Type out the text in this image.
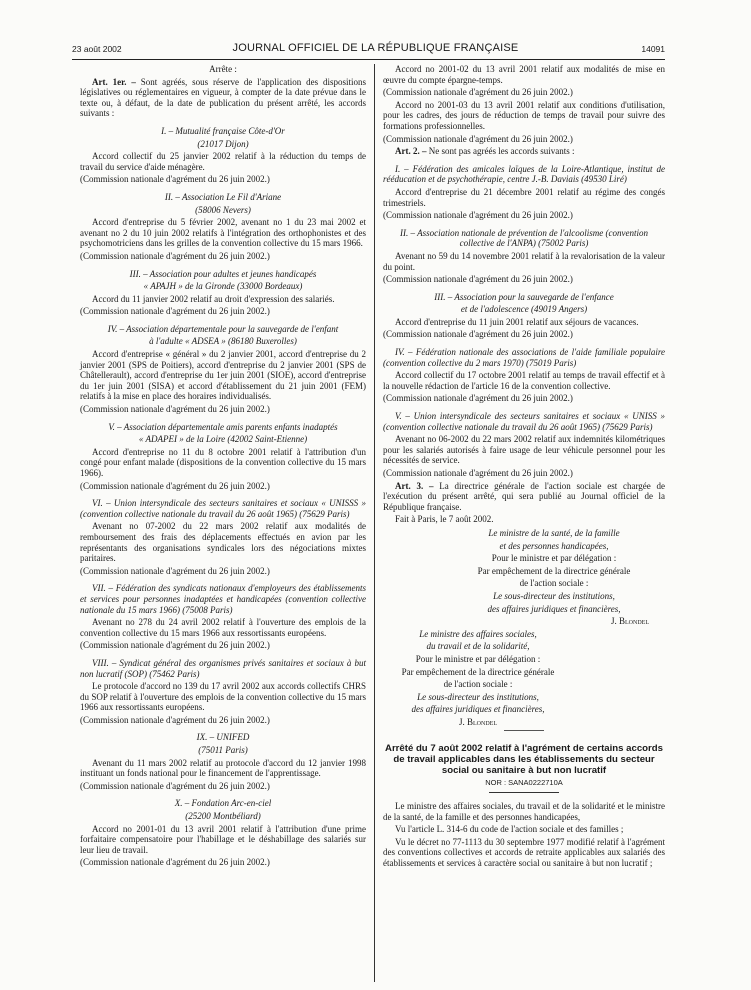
23 août 2002	JOURNAL OFFICIEL DE LA RÉPUBLIQUE FRANÇAISE	14091

Arrête :

Art. 1er. – Sont agréés, sous réserve de l'application des dispositions législatives ou réglementaires en vigueur, à compter de la date prévue dans le texte ou, à défaut, de la date de publication du présent arrêté, les accords suivants :

I. – Mutualité française Côte-d'Or

(21017 Dijon)

Accord collectif du 25 janvier 2002 relatif à la réduction du temps de travail du service d'aide ménagère.

(Commission nationale d'agrément du 26 juin 2002.)

II. – Association Le Fil d'Ariane

(58006 Nevers)

Accord d'entreprise du 5 février 2002, avenant no 1 du 23 mai 2002 et avenant no 2 du 10 juin 2002 relatifs à l'intégration des orthophonistes et des psychomotriciens dans les grilles de la convention collective du 15 mars 1966.

(Commission nationale d'agrément du 26 juin 2002.)

III. – Association pour adultes et jeunes handicapés

« APAJH » de la Gironde (33000 Bordeaux)

Accord du 11 janvier 2002 relatif au droit d'expression des salariés.

(Commission nationale d'agrément du 26 juin 2002.)

IV. – Association départementale pour la sauvegarde de l'enfant

à l'adulte « ADSEA » (86180 Buxerolles)

Accord d'entreprise « général » du 2 janvier 2001, accord d'entreprise du 2 janvier 2001 (SPS de Poitiers), accord d'entreprise du 2 janvier 2001 (SPS de Châtellerault), accord d'entreprise du 1er juin 2001 (SIOE), accord d'entreprise du 1er juin 2001 (SISA) et accord d'établissement du 21 juin 2001 (FEM) relatifs à la mise en place des horaires individualisés.

(Commission nationale d'agrément du 26 juin 2002.)

V. – Association départementale amis parents enfants inadaptés

« ADAPEI » de la Loire (42002 Saint-Etienne)

Accord d'entreprise no 11 du 8 octobre 2001 relatif à l'attribution d'un congé pour enfant malade (dispositions de la convention collective du 15 mars 1966).

(Commission nationale d'agrément du 26 juin 2002.)

VI. – Union intersyndicale des secteurs sanitaires et sociaux « UNISSS » (convention collective nationale du travail du 26 août 1965) (75629 Paris)

Avenant no 07-2002 du 22 mars 2002 relatif aux modalités de remboursement des frais des déplacements effectués en avion par les représentants des organisations syndicales lors des négociations mixtes paritaires.

(Commission nationale d'agrément du 26 juin 2002.)

VII. – Fédération des syndicats nationaux d'employeurs des établissements et services pour personnes inadaptées et handicapées (convention collective nationale du 15 mars 1966) (75008 Paris)

Avenant no 278 du 24 avril 2002 relatif à l'ouverture des emplois de la convention collective du 15 mars 1966 aux ressortissants européens.

(Commission nationale d'agrément du 26 juin 2002.)

VIII. – Syndicat général des organismes privés sanitaires et sociaux à but non lucratif (SOP) (75462 Paris)

Le protocole d'accord no 139 du 17 avril 2002 aux accords collectifs CHRS du SOP relatif à l'ouverture des emplois de la convention collective du 15 mars 1966 aux ressortissants européens.

(Commission nationale d'agrément du 26 juin 2002.)

IX. – UNIFED

(75011 Paris)

Avenant du 11 mars 2002 relatif au protocole d'accord du 12 janvier 1998 instituant un fonds national pour le financement de l'apprentissage.

(Commission nationale d'agrément du 26 juin 2002.)

X. – Fondation Arc-en-ciel

(25200 Montbéliard)

Accord no 2001-01 du 13 avril 2001 relatif à l'attribution d'une prime forfaitaire compensatoire pour l'habillage et le déshabillage des salariés sur leur lieu de travail.

(Commission nationale d'agrément du 26 juin 2002.)

Accord no 2001-02 du 13 avril 2001 relatif aux modalités de mise en œuvre du compte épargne-temps.

(Commission nationale d'agrément du 26 juin 2002.)

Accord no 2001-03 du 13 avril 2001 relatif aux conditions d'utilisation, pour les cadres, des jours de réduction de temps de travail pour suivre des formations professionnelles.

(Commission nationale d'agrément du 26 juin 2002.)

Art. 2. – Ne sont pas agréés les accords suivants :

I. – Fédération des amicales laïques de la Loire-Atlantique, institut de rééducation et de psychothérapie, centre J.-B. Daviais (49530 Liré)

Accord d'entreprise du 21 décembre 2001 relatif au régime des congés trimestriels.

(Commission nationale d'agrément du 26 juin 2002.)

II. – Association nationale de prévention de l'alcoolisme (convention collective de l'ANPA) (75002 Paris)

Avenant no 59 du 14 novembre 2001 relatif à la revalorisation de la valeur du point.

(Commission nationale d'agrément du 26 juin 2002.)

III. – Association pour la sauvegarde de l'enfance

et de l'adolescence (49019 Angers)

Accord d'entreprise du 11 juin 2001 relatif aux séjours de vacances.

(Commission nationale d'agrément du 26 juin 2002.)

IV. – Fédération nationale des associations de l'aide familiale populaire (convention collective du 2 mars 1970) (75019 Paris)

Accord collectif du 17 octobre 2001 relatif au temps de travail effectif et à la nouvelle rédaction de l'article 16 de la convention collective.

(Commission nationale d'agrément du 26 juin 2002.)

V. – Union intersyndicale des secteurs sanitaires et sociaux « UNISS » (convention collective nationale du travail du 26 août 1965) (75629 Paris)

Avenant no 06-2002 du 22 mars 2002 relatif aux indemnités kilométriques pour les salariés autorisés à faire usage de leur véhicule personnel pour les nécessités de service.

(Commission nationale d'agrément du 26 juin 2002.)

Art. 3. – La directrice générale de l'action sociale est chargée de l'exécution du présent arrêté, qui sera publié au Journal officiel de la République française.

Fait à Paris, le 7 août 2002.

Le ministre de la santé, de la famille

et des personnes handicapées,

Pour le ministre et par délégation :

Par empêchement de la directrice générale

de l'action sociale :

Le sous-directeur des institutions,

des affaires juridiques et financières,

J. Blondel

Le ministre des affaires sociales,

du travail et de la solidarité,

Pour le ministre et par délégation :

Par empêchement de la directrice générale

de l'action sociale :

Le sous-directeur des institutions,

des affaires juridiques et financières,

J. Blondel

Arrêté du 7 août 2002 relatif à l'agrément de certains accords de travail applicables dans les établissements du secteur social ou sanitaire à but non lucratif

NOR : SANA0222710A

Le ministre des affaires sociales, du travail et de la solidarité et le ministre de la santé, de la famille et des personnes handicapées,

Vu l'article L. 314-6 du code de l'action sociale et des familles ;

Vu le décret no 77-1113 du 30 septembre 1977 modifié relatif à l'agrément des conventions collectives et accords de retraite applicables aux salariés des établissements et services à caractère social ou sanitaire à but non lucratif ;
